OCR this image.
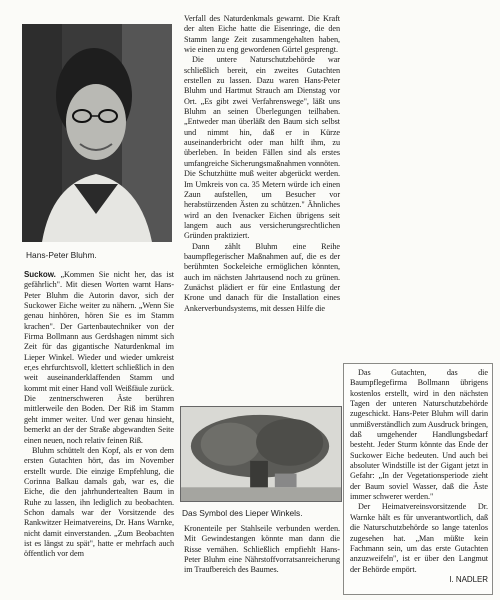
Hans-Peter Bluhm.

Suckow. „Kommen Sie nicht her, das ist gefährlich". Mit diesen Worten warnt Hans-Peter Bluhm die Autorin davor, sich der Suckower Eiche weiter zu nähern. „Wenn Sie genau hinhören, hören Sie es im Stamm krachen". Der Gartenbautechniker von der Firma Bollmann aus Gerdshagen nimmt sich Zeit für das gigantische Naturdenkmal im Lieper Winkel. Wieder und wieder umkreist er,es ehrfurchtsvoll, klettert schließlich in den weit auseinanderklaffenden Stamm und kommt mit einer Hand voll Weißfäule zurück. Die zentnerschweren Äste berühren mittlerweile den Boden. Der Riß im Stamm geht immer weiter. Und wer genau hinsieht, bemerkt an der der Straße abgewandten Seite einen neuen, noch relativ feinen Riß.

Bluhm schüttelt den Kopf, als er von dem ersten Gutachten hört, das im November erstellt wurde. Die einzige Empfehlung, die Corinna Balkau damals gab, war es, die Eiche, die den jahrhundertealten Baum in Ruhe zu lassen, ihn lediglich zu beobachten. Schon damals war der Vorsitzende des Rankwitzer Heimatvereins, Dr. Hans Warnke, nicht damit einverstanden. „Zum Beobachten ist es längst zu spät", hatte er mehrfach auch öffentlich vor dem

Verfall des Naturdenkmals gewarnt. Die Kraft der alten Eiche hatte die Eisenringe, die den Stamm lange Zeit zusammengehalten haben, wie einen zu eng gewordenen Gürtel gesprengt.

Die untere Naturschutzbehörde war schließlich bereit, ein zweites Gutachten erstellen zu lassen. Dazu waren Hans-Peter Bluhm und Hartmut Strauch am Dienstag vor Ort. „Es gibt zwei Verfahrenswege", läßt uns Bluhm an seinen Überlegungen teilhaben. „Entweder man überläßt den Baum sich selbst und nimmt hin, daß er in Kürze auseinanderbricht oder man hilft ihm, zu überleben. In beiden Fällen sind als erstes umfangreiche Sicherungsmaßnahmen vonnöten. Die Schutzhütte muß weiter abgerückt werden. Im Umkreis von ca. 35 Metern würde ich einen Zaun aufstellen, um Besucher vor herabstürzenden Ästen zu schützen." Ähnliches wird an den Ivenacker Eichen übrigens seit langem auch aus versicherungsrechtlichen Gründen praktiziert.

Dann zählt Bluhm eine Reihe baumpflegerischer Maßnahmen auf, die es der berühmten Sockeleiche ermöglichen könnten, auch im nächsten Jahrtausend noch zu grünen. Zunächst plädiert er für eine Entlastung der Krone und danach für die Installation eines Ankerverbundsystems, mit dessen Hilfe die

Das Symbol des Lieper Winkels.

Kronenteile per Stahlseile verbunden werden. Mit Gewindestangen könnte man dann die Risse vernähen. Schließlich empfiehlt Hans-Peter Bluhm eine Nährstoffvorratsanreicherung im Traufbereich des Baumes.

Das Gutachten, das die Baumpflegefirma Bollmann übrigens kostenlos erstellt, wird in den nächsten Tagen der unteren Naturschutzbehörde zugeschickt. Hans-Peter Bluhm will darin unmißverständlich zum Ausdruck bringen, daß umgehender Handlungsbedarf besteht. Jeder Sturm könnte das Ende der Suckower Eiche bedeuten. Und auch bei absoluter Windstille ist der Gigant jetzt in Gefahr: „In der Vegetationsperiode zieht der Baum soviel Wasser, daß die Äste immer schwerer werden."

Der Heimatvereinsvorsitzende Dr. Warnke hält es für unverantwortlich, daß die Naturschutzbehörde so lange tatenlos zugesehen hat. „Man müßte kein Fachmann sein, um das erste Gutachten anzuzweifeln", ist er über den Langmut der Behörde empört.

I. NADLER
